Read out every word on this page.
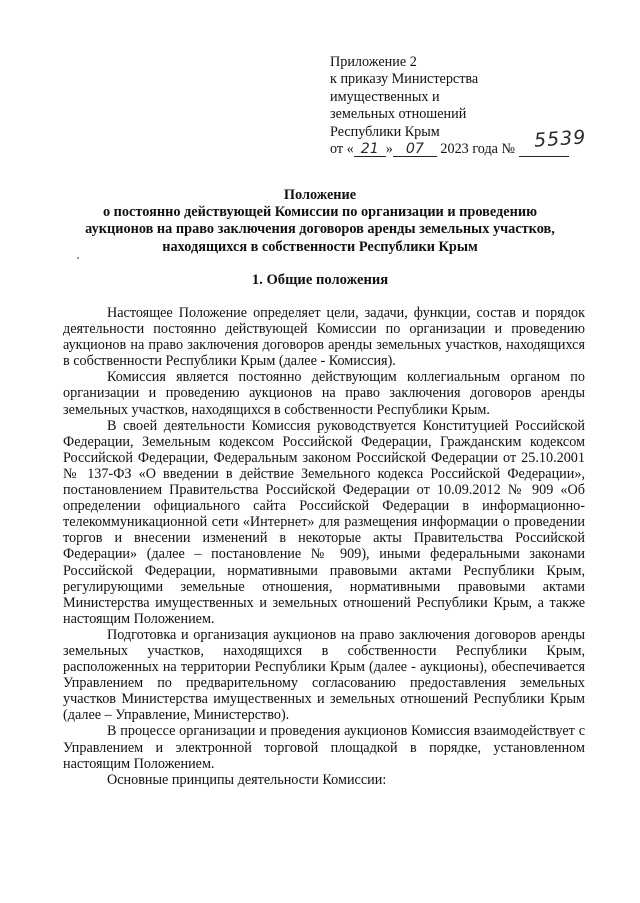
Приложение 2
к приказу Министерства
имущественных и
земельных отношений
Республики Крым
от « 21 » 07 2023 года № 5539
Положение
о постоянно действующей Комиссии по организации и проведению
аукционов на право заключения договоров аренды земельных участков,
находящихся в собственности Республики Крым
1. Общие положения

Настоящее Положение определяет цели, задачи, функции, состав и порядок деятельности постоянно действующей Комиссии по организации и проведению аукционов на право заключения договоров аренды земельных участков, находящихся в собственности Республики Крым (далее - Комиссия).

Комиссия является постоянно действующим коллегиальным органом по организации и проведению аукционов на право заключения договоров аренды земельных участков, находящихся в собственности Республики Крым.

В своей деятельности Комиссия руководствуется Конституцией Российской Федерации, Земельным кодексом Российской Федерации, Гражданским кодексом Российской Федерации, Федеральным законом Российской Федерации от 25.10.2001 № 137-ФЗ «О введении в действие Земельного кодекса Российской Федерации», постановлением Правительства Российской Федерации от 10.09.2012 № 909 «Об определении официального сайта Российской Федерации в информационно-телекоммуникационной сети «Интернет» для размещения информации о проведении торгов и внесении изменений в некоторые акты Правительства Российской Федерации» (далее – постановление № 909), иными федеральными законами Российской Федерации, нормативными правовыми актами Республики Крым, регулирующими земельные отношения, нормативными правовыми актами Министерства имущественных и земельных отношений Республики Крым, а также настоящим Положением.

Подготовка и организация аукционов на право заключения договоров аренды земельных участков, находящихся в собственности Республики Крым, расположенных на территории Республики Крым (далее - аукционы), обеспечивается Управлением по предварительному согласованию предоставления земельных участков Министерства имущественных и земельных отношений Республики Крым (далее – Управление, Министерство).

В процессе организации и проведения аукционов Комиссия взаимодействует с Управлением и электронной торговой площадкой в порядке, установленном настоящим Положением.

Основные принципы деятельности Комиссии:
